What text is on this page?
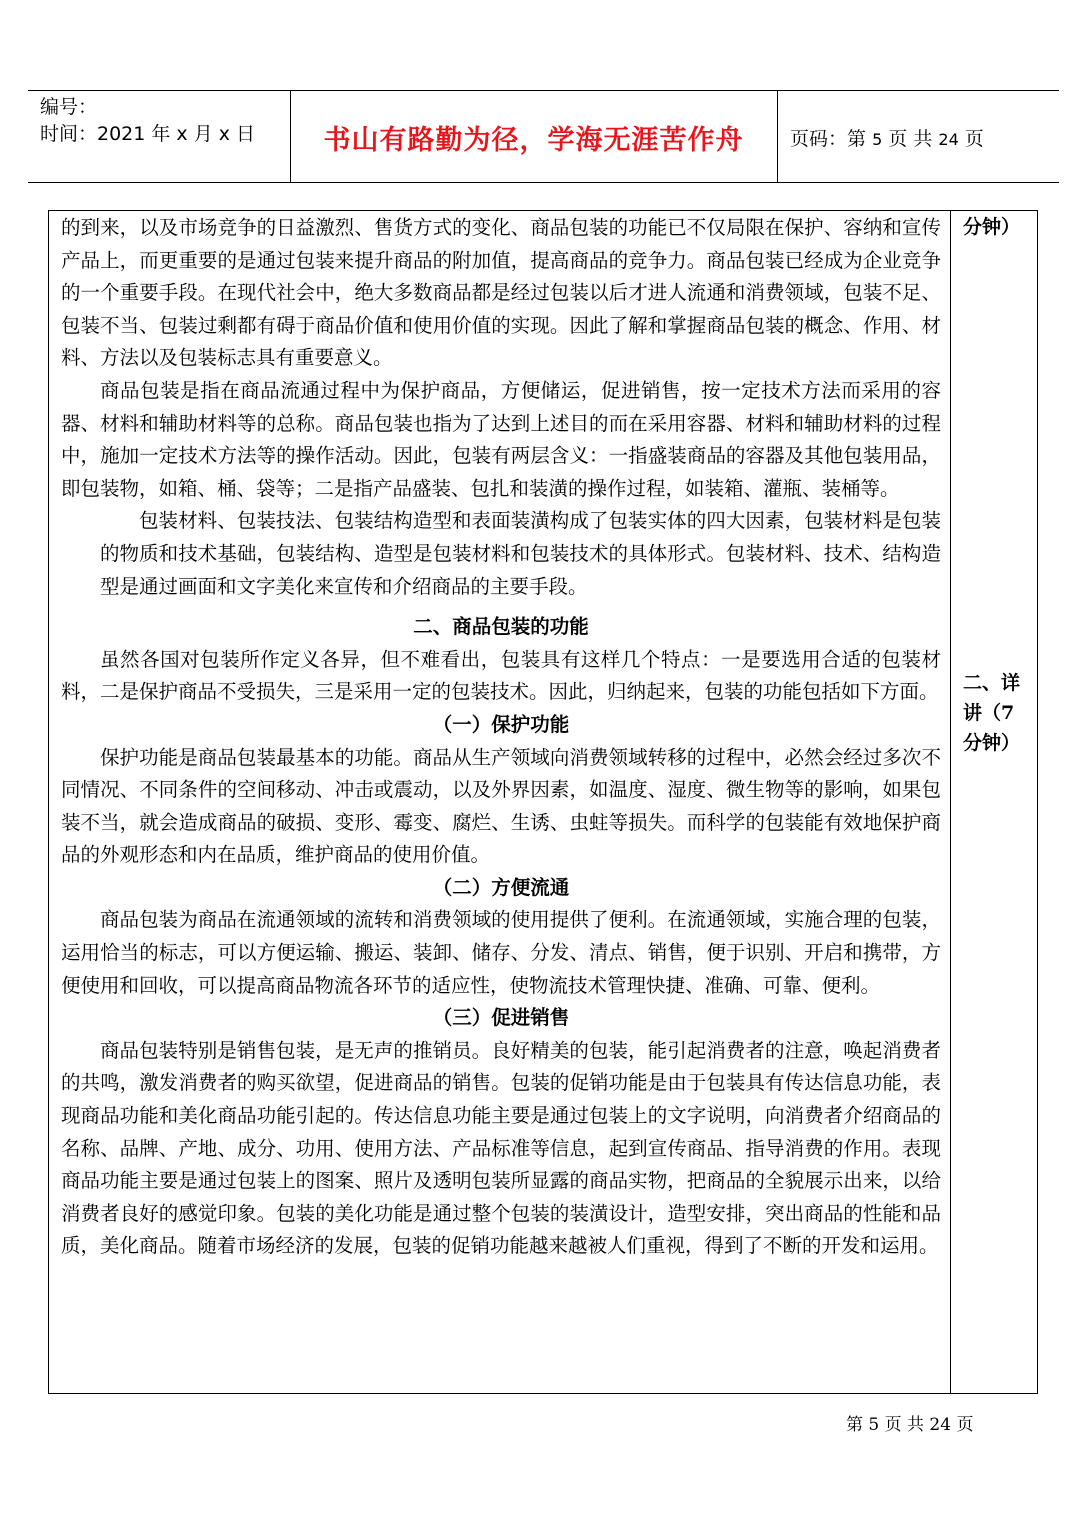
编号：
时间：2021 年 x 月 x 日	书山有路勤为径，学海无涯苦作舟	页码：第 5 页 共 24 页

的到来，以及市场竞争的日益激烈、售货方式的变化、商品包装的功能已不仅局限在保护、容纳和宣传产品上，而更重要的是通过包装来提升商品的附加值，提高商品的竞争力。商品包装已经成为企业竞争的一个重要手段。在现代社会中，绝大多数商品都是经过包装以后才进人流通和消费领域，包装不足、包装不当、包装过剩都有碍于商品价值和使用价值的实现。因此了解和掌握商品包装的概念、作用、材料、方法以及包装标志具有重要意义。

商品包装是指在商品流通过程中为保护商品，方便储运，促进销售，按一定技术方法而采用的容器、材料和辅助材料等的总称。商品包装也指为了达到上述目的而在采用容器、材料和辅助材料的过程中，施加一定技术方法等的操作活动。因此，包装有两层含义：一指盛装商品的容器及其他包装用品，即包装物，如箱、桶、袋等；二是指产品盛装、包扎和装潢的操作过程，如装箱、灌瓶、装桶等。

包装材料、包装技法、包装结构造型和表面装潢构成了包装实体的四大因素，包装材料是包装的物质和技术基础，包装结构、造型是包装材料和包装技术的具体形式。包装材料、技术、结构造型是通过画面和文字美化来宣传和介绍商品的主要手段。

二、商品包装的功能

虽然各国对包装所作定义各异，但不难看出，包装具有这样几个特点：一是要选用合适的包装材料，二是保护商品不受损失，三是采用一定的包装技术。因此，归纳起来，包装的功能包括如下方面。

（一）保护功能

保护功能是商品包装最基本的功能。商品从生产领域向消费领域转移的过程中，必然会经过多次不同情况、不同条件的空间移动、冲击或震动，以及外界因素，如温度、湿度、微生物等的影响，如果包装不当，就会造成商品的破损、变形、霉变、腐烂、生诱、虫蛀等损失。而科学的包装能有效地保护商品的外观形态和内在品质，维护商品的使用价值。

（二）方便流通

商品包装为商品在流通领域的流转和消费领域的使用提供了便利。在流通领域，实施合理的包装，运用恰当的标志，可以方便运输、搬运、装卸、储存、分发、清点、销售，便于识别、开启和携带，方便使用和回收，可以提高商品物流各环节的适应性，使物流技术管理快捷、准确、可靠、便利。

（三）促进销售

商品包装特别是销售包装，是无声的推销员。良好精美的包装，能引起消费者的注意，唤起消费者的共鸣，激发消费者的购买欲望，促进商品的销售。包装的促销功能是由于包装具有传达信息功能，表现商品功能和美化商品功能引起的。传达信息功能主要是通过包装上的文字说明，向消费者介绍商品的名称、品牌、产地、成分、功用、使用方法、产品标准等信息，起到宣传商品、指导消费的作用。表现商品功能主要是通过包装上的图案、照片及透明包装所显露的商品实物，把商品的全貌展示出来，以给消费者良好的感觉印象。包装的美化功能是通过整个包装的装潢设计，造型安排，突出商品的性能和品质，美化商品。随着市场经济的发展，包装的促销功能越来越被人们重视，得到了不断的开发和运用。

分钟）
二、详
讲（7
分钟）
第 5 页 共 24 页
